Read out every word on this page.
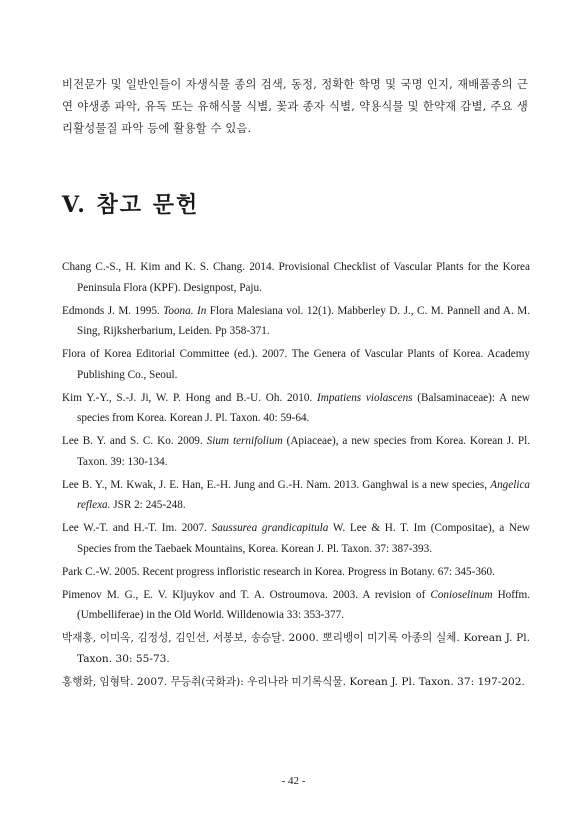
비전문가 및 일반인들이 자생식물 종의 검색, 동정, 정확한 학명 및 국명 인지, 재배품종의 근연 야생종 파악, 유독 또는 유해식물 식별, 꽃과 종자 식별, 약용식물 및 한약재 감별, 주요 생리활성물질 파악 등에 활용할 수 있음.
V. 참고 문헌
Chang C.-S., H. Kim and K. S. Chang. 2014. Provisional Checklist of Vascular Plants for the Korea Peninsula Flora (KPF). Designpost, Paju.
Edmonds J. M. 1995. Toona. In Flora Malesiana vol. 12(1). Mabberley D. J., C. M. Pannell and A. M. Sing, Rijksherbarium, Leiden. Pp 358-371.
Flora of Korea Editorial Committee (ed.). 2007. The Genera of Vascular Plants of Korea. Academy Publishing Co., Seoul.
Kim Y.-Y., S.-J. Ji, W. P. Hong and B.-U. Oh. 2010. Impatiens violascens (Balsaminaceae): A new species from Korea. Korean J. Pl. Taxon. 40: 59-64.
Lee B. Y. and S. C. Ko. 2009. Sium ternifolium (Apiaceae), a new species from Korea. Korean J. Pl. Taxon. 39: 130-134.
Lee B. Y., M. Kwak, J. E. Han, E.-H. Jung and G.-H. Nam. 2013. Ganghwal is a new species, Angelica reflexa. JSR 2: 245-248.
Lee W.-T. and H.-T. Im. 2007. Saussurea grandicapitula W. Lee & H. T. Im (Compositae), a New Species from the Taebaek Mountains, Korea. Korean J. Pl. Taxon. 37: 387-393.
Park C.-W. 2005. Recent progress infloristic research in Korea. Progress in Botany. 67: 345-360.
Pimenov M. G., E. V. Kljuykov and T. A. Ostroumova. 2003. A revision of Conioselinum Hoffm. (Umbelliferae) in the Old World. Willdenowia 33: 353-377.
박재홍, 이미옥, 김정성, 김인선, 서봉보, 송승달. 2000. 뽀리뱅이 미기록 아종의 실체. Korean J. Pl. Taxon. 30: 55-73.
홍행화, 임형탁. 2007. 무등취(국화과): 우리나라 미기록식물. Korean J. Pl. Taxon. 37: 197-202.
- 42 -
